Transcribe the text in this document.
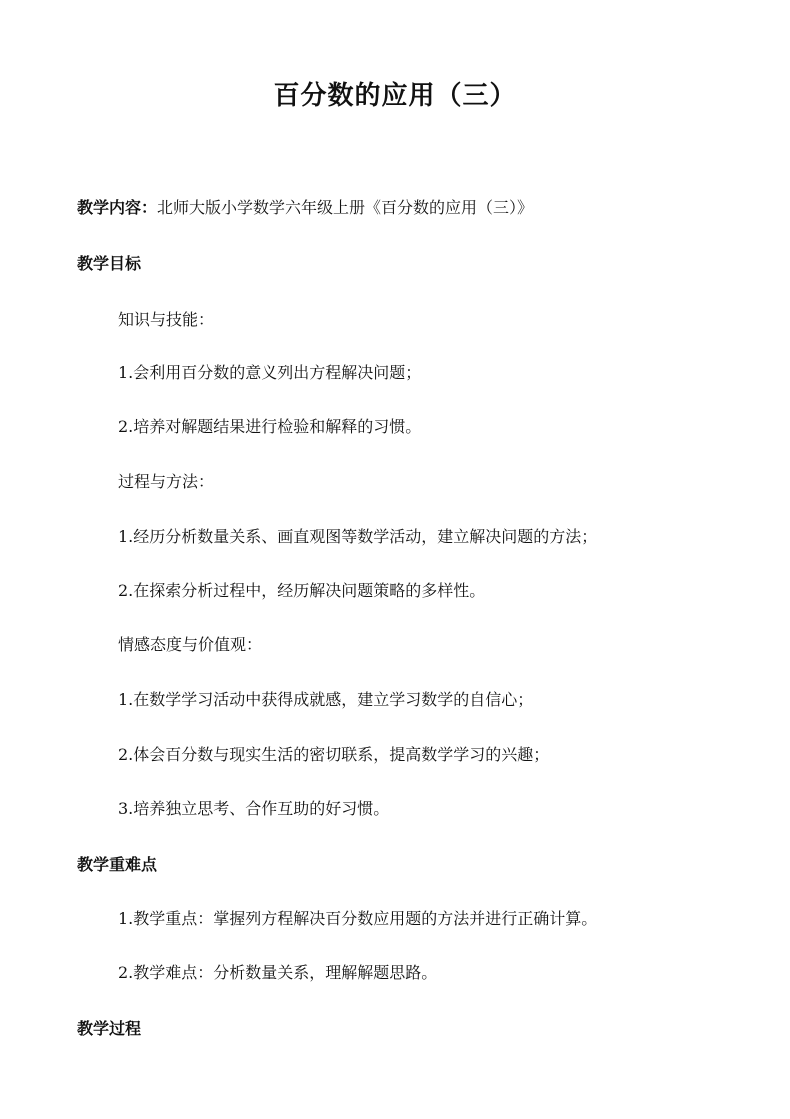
百分数的应用（三）
教学内容：北师大版小学数学六年级上册《百分数的应用（三）》
教学目标
知识与技能：
1.会利用百分数的意义列出方程解决问题；
2.培养对解题结果进行检验和解释的习惯。
过程与方法：
1.经历分析数量关系、画直观图等数学活动，建立解决问题的方法；
2.在探索分析过程中，经历解决问题策略的多样性。
情感态度与价值观：
1.在数学学习活动中获得成就感，建立学习数学的自信心；
2.体会百分数与现实生活的密切联系，提高数学学习的兴趣；
3.培养独立思考、合作互助的好习惯。
教学重难点
1.教学重点：掌握列方程解决百分数应用题的方法并进行正确计算。
2.教学难点：分析数量关系，理解解题思路。
教学过程
